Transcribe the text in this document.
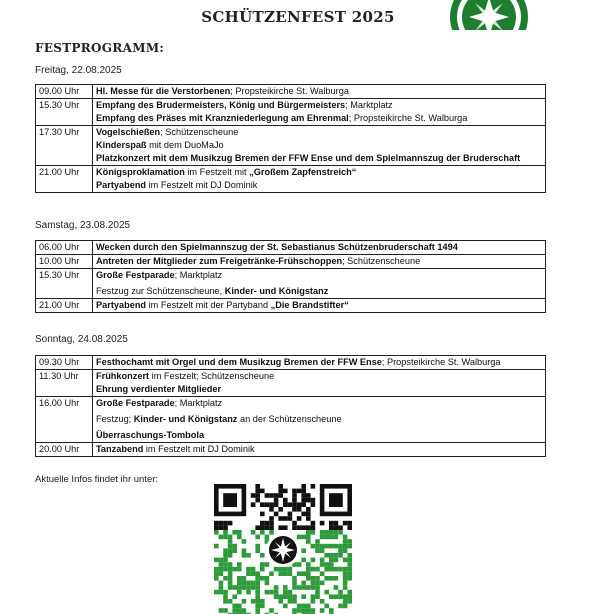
SCHÜTZENFEST 2025
FESTPROGRAMM:
Freitag, 22.08.2025
09.00 Uhr	Hl. Messe für die Verstorbenen; Propsteikirche St. Walburga

15.30 Uhr	Empfang des Brudermeisters, König und Bürgermeisters; Marktplatz
Empfang des Präses mit Kranzniederlegung am Ehrenmal; Propsteikirche St. Walburga

17.30 Uhr	Vogelschießen; Schützenscheune
Kinderspaß mit dem DuoMaJo
Platzkonzert mit dem Musikzug Bremen der FFW Ense und dem Spielmannszug der Bruderschaft

21.00 Uhr	Königsproklamation im Festzelt mit „Großem Zapfenstreich“
Partyabend im Festzelt mit DJ Dominik
Samstag, 23.08.2025
06.00 Uhr	Wecken durch den Spielmannszug der St. Sebastianus Schützenbruderschaft 1494

10.00 Uhr	Antreten der Mitglieder zum Freigetränke-Frühschoppen; Schützenscheune

15.30 Uhr	Große Festparade; Marktplatz
Festzug zur Schützenscheune, Kinder- und Königstanz

21.00 Uhr	Partyabend im Festzelt mit der Partyband „Die Brandstifter“
Sonntag, 24.08.2025
09.30 Uhr	Festhochamt mit Orgel und dem Musikzug Bremen der FFW Ense; Propsteikirche St. Walburga

11.30 Uhr	Frühkonzert im Festzelt; Schützenscheune
Ehrung verdienter Mitglieder

16.00 Uhr	Große Festparade; Marktplatz
Festzug; Kinder- und Königstanz an der Schützenscheune
Überraschungs-Tombola

20.00 Uhr	Tanzabend im Festzelt mit DJ Dominik
Aktuelle Infos findet ihr unter:
